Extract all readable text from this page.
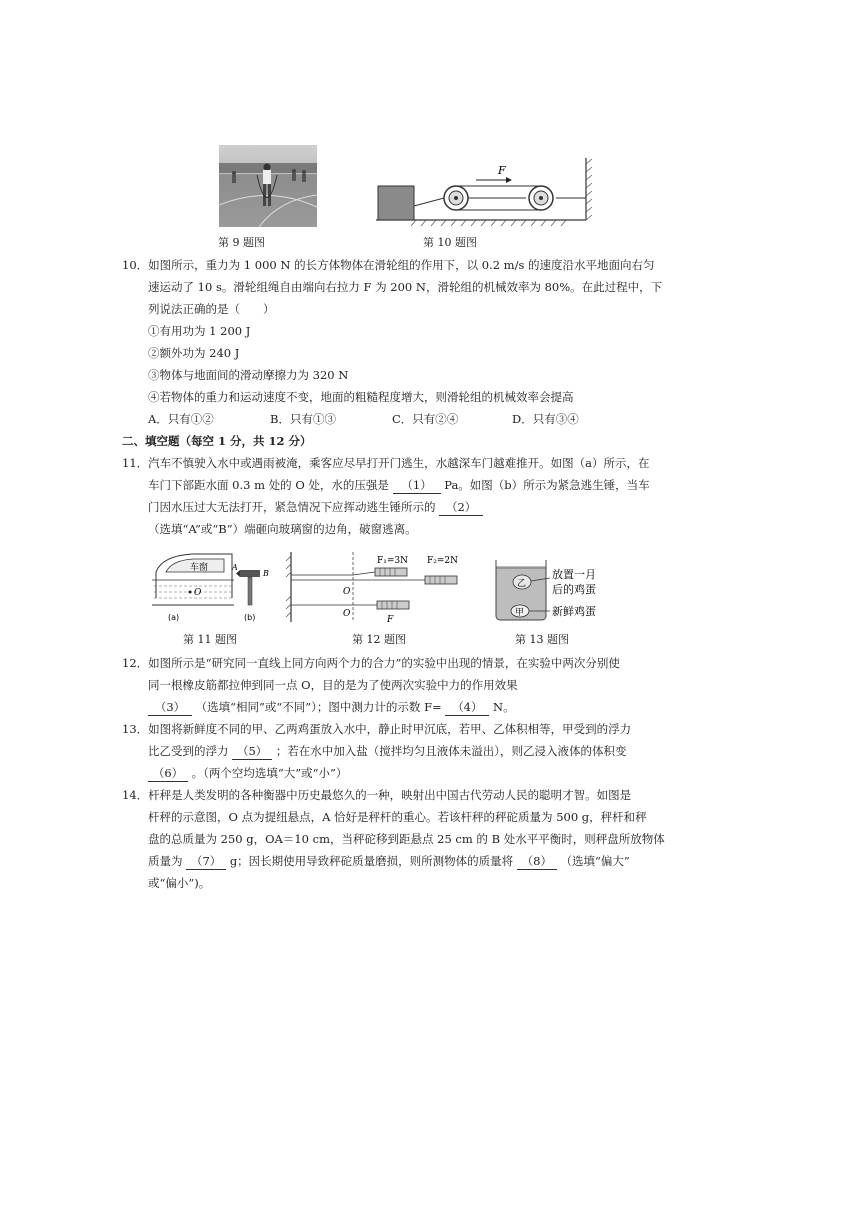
第 9 题图
F
第 10 题图
10．如图所示，重力为 1 000 N 的长方体物体在滑轮组的作用下，以 0.2 m/s 的速度沿水平地面向右匀
速运动了 10 s。滑轮组绳自由端向右拉力 F 为 200 N，滑轮组的机械效率为 80%。在此过程中，下
列说法正确的是（　　）
①有用功为 1 200 J
②额外功为 240 J
③物体与地面间的滑动摩擦力为 320 N
④若物体的重力和运动速度不变，地面的粗糙程度增大，则滑轮组的机械效率会提高
A．只有①②	B．只有①③	C．只有②④	D．只有③④
二、填空题（每空 1 分，共 12 分）
11．汽车不慎驶入水中或遇雨被淹，乘客应尽早打开门逃生，水越深车门越难推开。如图（a）所示，在
车门下部距水面 0.3 m 处的 O 处，水的压强是 （1） Pa。如图（b）所示为紧急逃生锤，当车
门因水压过大无法打开，紧急情况下应挥动逃生锤所示的 （2）
（选填“A”或“B”）端砸向玻璃窗的边角，破窗逃离。
车窗
O
(a)
A
B
(b)
第 11 题图
O
F₁=3N F₂=2N
O
F
第 12 题图
乙
甲
放置一月
后的鸡蛋
新鲜鸡蛋
第 13 题图
12．如图所示是“研究同一直线上同方向两个力的合力”的实验中出现的情景，在实验中两次分别使
同一根橡皮筋都拉伸到同一点 O，目的是为了使两次实验中力的作用效果
（3） （选填“相同”或“不同”）；图中测力计的示数 F= （4） N。
13．如图将新鲜度不同的甲、乙两鸡蛋放入水中，静止时甲沉底，若甲、乙体积相等，甲受到的浮力
比乙受到的浮力 （5） ；若在水中加入盐（搅拌均匀且液体未溢出），则乙浸入液体的体积变
（6） 。（两个空均选填“大”或“小”）
14．杆秤是人类发明的各种衡器中历史最悠久的一种，映射出中国古代劳动人民的聪明才智。如图是
杆秤的示意图，O 点为提纽悬点，A 恰好是秤杆的重心。若该杆秤的秤砣质量为 500 g，秤杆和秤
盘的总质量为 250 g，OA＝10 cm，当秤砣移到距悬点 25 cm 的 B 处水平平衡时，则秤盘所放物体
质量为 （7） g；因长期使用导致秤砣质量磨损，则所测物体的质量将 （8） （选填“偏大”
或“偏小”)。
